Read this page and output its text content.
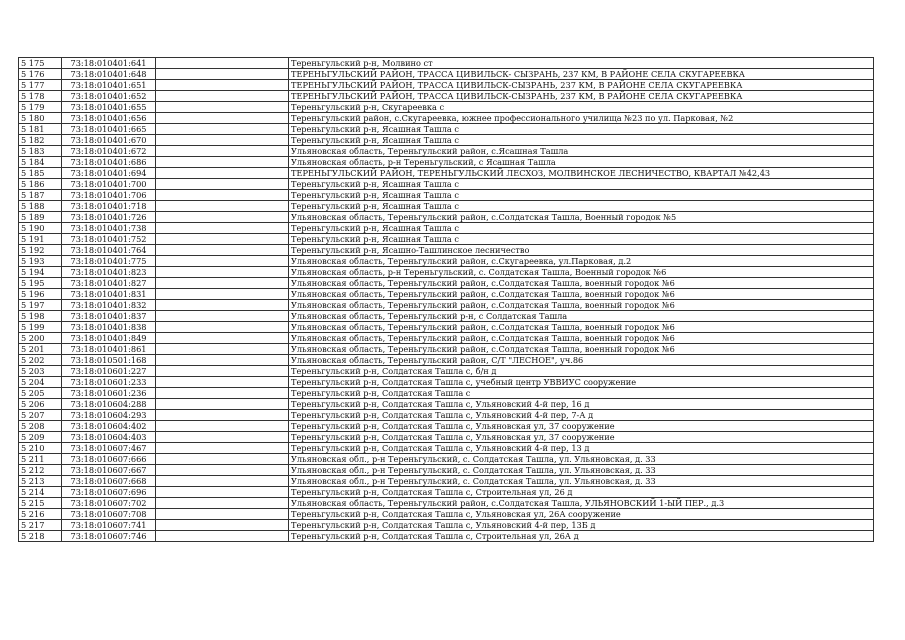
5 175	73:18:010401:641		Тереньгульский р-н, Молвино ст
5 176	73:18:010401:648		ТЕРЕНЬГУЛЬСКИЙ РАЙОН, ТРАССА ЦИВИЛЬСК- СЫЗРАНЬ, 237 КМ, В РАЙОНЕ СЕЛА СКУГАРЕЕВКА
5 177	73:18:010401:651		ТЕРЕНЬГУЛЬСКИЙ РАЙОН, ТРАССА ЦИВИЛЬСК-СЫЗРАНЬ, 237 КМ, В РАЙОНЕ СЕЛА СКУГАРЕЕВКА
5 178	73:18:010401:652		ТЕРЕНЬГУЛЬСКИЙ РАЙОН, ТРАССА ЦИВИЛЬСК-СЫЗРАНЬ, 237 КМ, В РАЙОНЕ СЕЛА СКУГАРЕЕВКА
5 179	73:18:010401:655		Тереньгульский р-н, Скугареевка с
5 180	73:18:010401:656		Тереньгульский район, с.Скугареевка, южнее профессионального училища №23 по ул. Парковая, №2
5 181	73:18:010401:665		Тереньгульский р-н, Ясашная Ташла с
5 182	73:18:010401:670		Тереньгульский р-н, Ясашная Ташла с
5 183	73:18:010401:672		Ульяновская область, Тереньгульский район, с.Ясашная Ташла
5 184	73:18:010401:686		Ульяновская область, р-н Тереньгульский, с Ясашная Ташла
5 185	73:18:010401:694		ТЕРЕНЬГУЛЬСКИЙ РАЙОН, ТЕРЕНЬГУЛЬСКИЙ ЛЕСХОЗ, МОЛВИНСКОЕ ЛЕСНИЧЕСТВО, КВАРТАЛ №42,43
5 186	73:18:010401:700		Тереньгульский р-н, Ясашная Ташла с
5 187	73:18:010401:706		Тереньгульский р-н, Ясашная Ташла с
5 188	73:18:010401:718		Тереньгульский р-н, Ясашная Ташла с
5 189	73:18:010401:726		Ульяновская область, Тереньгульский район, с.Солдатская Ташла, Военный городок №5
5 190	73:18:010401:738		Тереньгульский р-н, Ясашная Ташла с
5 191	73:18:010401:752		Тереньгульский р-н, Ясашная Ташла с
5 192	73:18:010401:764		Тереньгульский р-н, Ясашно-Ташлинское лесничество
5 193	73:18:010401:775		Ульяновская область, Тереньгульский район, с.Скугареевка, ул.Парковая, д.2
5 194	73:18:010401:823		Ульяновская область, р-н Тереньгульский, с. Солдатская Ташла, Военный городок №6
5 195	73:18:010401:827		Ульяновская область, Тереньгульский район, с.Солдатская Ташла, военный городок №6
5 196	73:18:010401:831		Ульяновская область, Тереньгульский район, с.Солдатская Ташла, военный городок №6
5 197	73:18:010401:832		Ульяновская область, Тереньгульский район, с.Солдатская Ташла, военный городок №6
5 198	73:18:010401:837		Ульяновская область, Тереньгульский р-н, с Солдатская Ташла
5 199	73:18:010401:838		Ульяновская область, Тереньгульский район, с.Солдатская Ташла, военный городок №6
5 200	73:18:010401:849		Ульяновская область, Тереньгульский район, с.Солдатская Ташла, военный городок №6
5 201	73:18:010401:861		Ульяновская область, Тереньгульский район, с.Солдатская Ташла, военный городок №6
5 202	73:18:010501:168		Ульяновская область, Тереньгульский район, С/Т "ЛЕСНОЕ", уч.86
5 203	73:18:010601:227		Тереньгульский р-н, Солдатская Ташла с, б/н д
5 204	73:18:010601:233		Тереньгульский р-н, Солдатская Ташла с, учебный центр УВВИУС сооружение
5 205	73:18:010601:236		Тереньгульский р-н, Солдатская Ташла с
5 206	73:18:010604:288		Тереньгульский р-н, Солдатская Ташла с, Ульяновский 4-й пер, 16 д
5 207	73:18:010604:293		Тереньгульский р-н, Солдатская Ташла с, Ульяновский 4-й пер, 7-А д
5 208	73:18:010604:402		Тереньгульский р-н, Солдатская Ташла с, Ульяновская ул, 37 сооружение
5 209	73:18:010604:403		Тереньгульский р-н, Солдатская Ташла с, Ульяновская ул, 37 сооружение
5 210	73:18:010607:467		Тереньгульский р-н, Солдатская Ташла с, Ульяновский 4-й пер, 13 д
5 211	73:18:010607:666		Ульяновская обл., р-н Тереньгульский, с. Солдатская Ташла, ул. Ульяновская, д. 33
5 212	73:18:010607:667		Ульяновская обл., р-н Тереньгульский, с. Солдатская Ташла, ул. Ульяновская, д. 33
5 213	73:18:010607:668		Ульяновская обл., р-н Тереньгульский, с. Солдатская Ташла, ул. Ульяновская, д. 33
5 214	73:18:010607:696		Тереньгульский р-н, Солдатская Ташла с, Строительная ул, 26 д
5 215	73:18:010607:702		Ульяновская область, Тереньгульский район, с.Солдатская Ташла, УЛЬЯНОВСКИЙ 1-ЫЙ ПЕР., д.3
5 216	73:18:010607:708		Тереньгульский р-н, Солдатская Ташла с, Ульяновская ул, 26А сооружение
5 217	73:18:010607:741		Тереньгульский р-н, Солдатская Ташла с, Ульяновский 4-й пер, 13Б д
5 218	73:18:010607:746		Тереньгульский р-н, Солдатская Ташла с, Строительная ул, 26А д
